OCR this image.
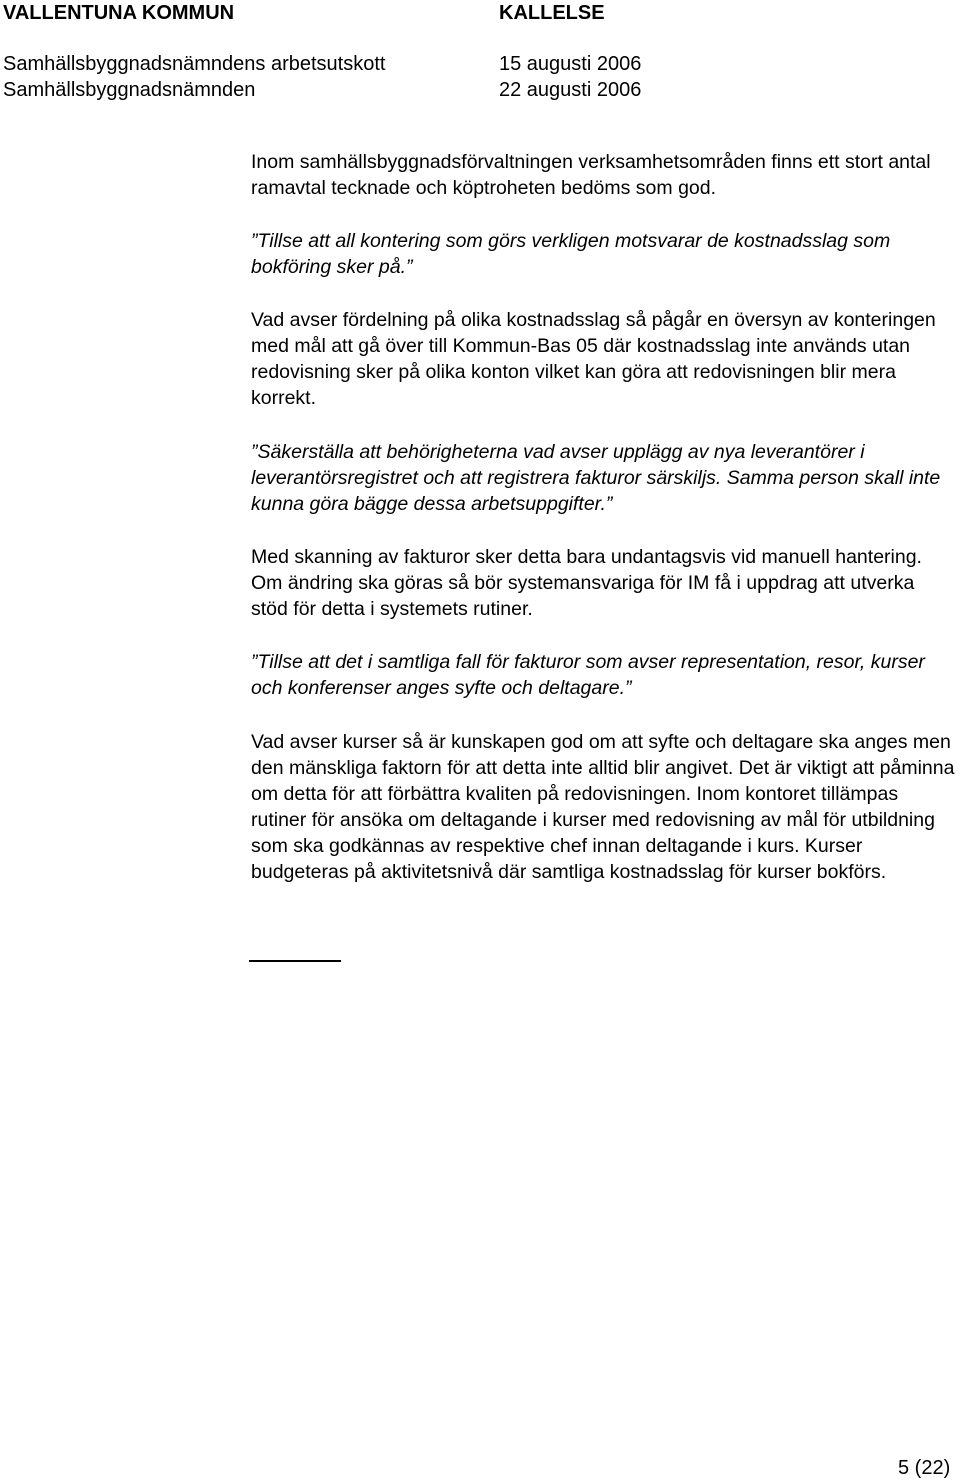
VALLENTUNA KOMMUN	KALLELSE
Samhällsbyggnadsnämndens arbetsutskott	15 augusti 2006
Samhällsbyggnadsnämnden	22 augusti 2006

Inom samhällsbyggnadsförvaltningen verksamhetsområden finns ett stort antal ramavtal tecknade och köptroheten bedöms som god.

”Tillse att all kontering som görs verkligen motsvarar de kostnadsslag som bokföring sker på.”

Vad avser fördelning på olika kostnadsslag så pågår en översyn av konteringen med mål att gå över till Kommun-Bas 05 där kostnadsslag inte används utan redovisning sker på olika konton vilket kan göra att redovisningen blir mera korrekt.

”Säkerställa att behörigheterna vad avser upplägg av nya leverantörer i leverantörsregistret och att registrera fakturor särskiljs. Samma person skall inte kunna göra bägge dessa arbetsuppgifter.”

Med skanning av fakturor sker detta bara undantagsvis vid manuell hantering. Om ändring ska göras så bör systemansvariga för IM få i uppdrag att utverka stöd för detta i systemets rutiner.

”Tillse att det i samtliga fall för fakturor som avser representation, resor, kurser och konferenser anges syfte och deltagare.”

Vad avser kurser så är kunskapen god om att syfte och deltagare ska anges men den mänskliga faktorn för att detta inte alltid blir angivet. Det är viktigt att påminna om detta för att förbättra kvaliten på redovisningen. Inom kontoret tillämpas rutiner för ansöka om deltagande i kurser med redovisning av mål för utbildning som ska godkännas av respektive chef innan deltagande i kurs. Kurser budgeteras på aktivitetsnivå där samtliga kostnadsslag för kurser bokförs.

5 (22)
